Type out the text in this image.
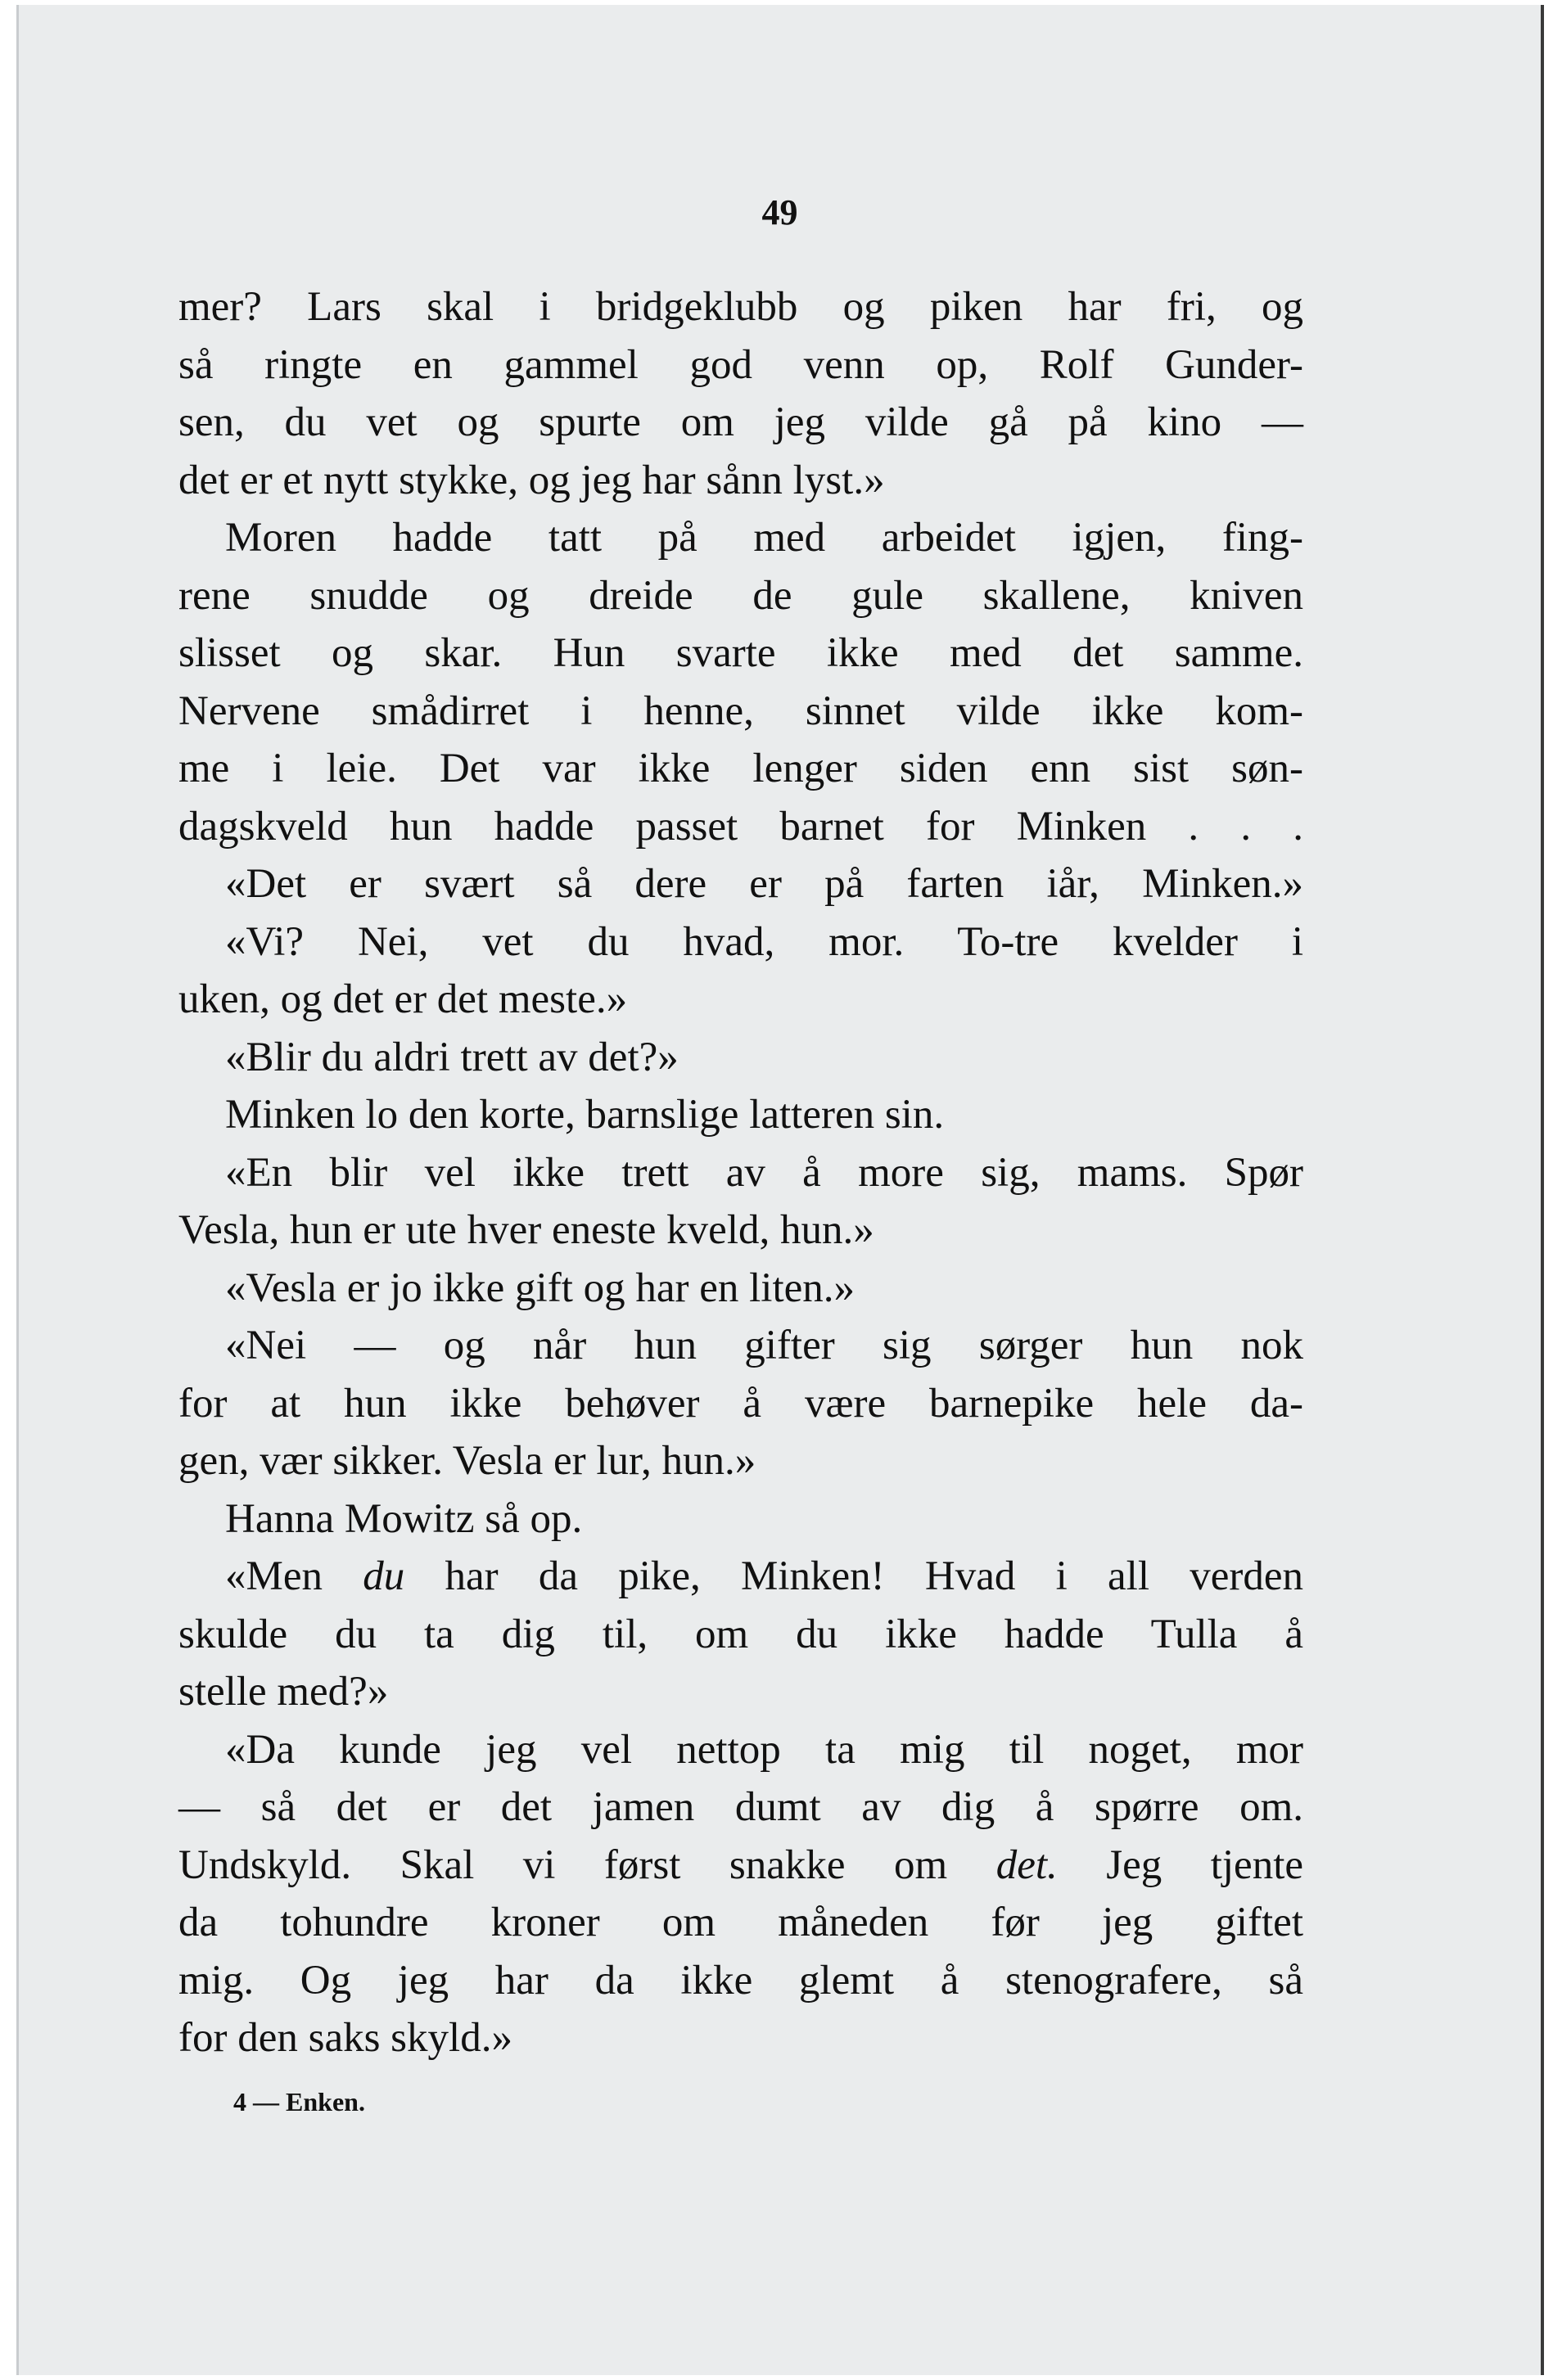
49
mer? Lars skal i bridgeklubb og piken har fri, og
så ringte en gammel god venn op, Rolf Gunder-
sen, du vet og spurte om jeg vilde gå på kino —
det er et nytt stykke, og jeg har sånn lyst.»
Moren hadde tatt på med arbeidet igjen, fing-
rene snudde og dreide de gule skallene, kniven
slisset og skar. Hun svarte ikke med det samme.
Nervene smådirret i henne, sinnet vilde ikke kom-
me i leie. Det var ikke lenger siden enn sist søn-
dagskveld hun hadde passet barnet for Minken . . .
«Det er svært så dere er på farten iår, Minken.»
«Vi? Nei, vet du hvad, mor. To-tre kvelder i
uken, og det er det meste.»
«Blir du aldri trett av det?»
Minken lo den korte, barnslige latteren sin.
«En blir vel ikke trett av å more sig, mams. Spør
Vesla, hun er ute hver eneste kveld, hun.»
«Vesla er jo ikke gift og har en liten.»
«Nei — og når hun gifter sig sørger hun nok
for at hun ikke behøver å være barnepike hele da-
gen, vær sikker. Vesla er lur, hun.»
Hanna Mowitz så op.
«Men du har da pike, Minken! Hvad i all verden
skulde du ta dig til, om du ikke hadde Tulla å
stelle med?»
«Da kunde jeg vel nettop ta mig til noget, mor
— så det er det jamen dumt av dig å spørre om.
Undskyld. Skal vi først snakke om det. Jeg tjente
da tohundre kroner om måneden før jeg giftet
mig. Og jeg har da ikke glemt å stenografere, så
for den saks skyld.»
4 — Enken.
